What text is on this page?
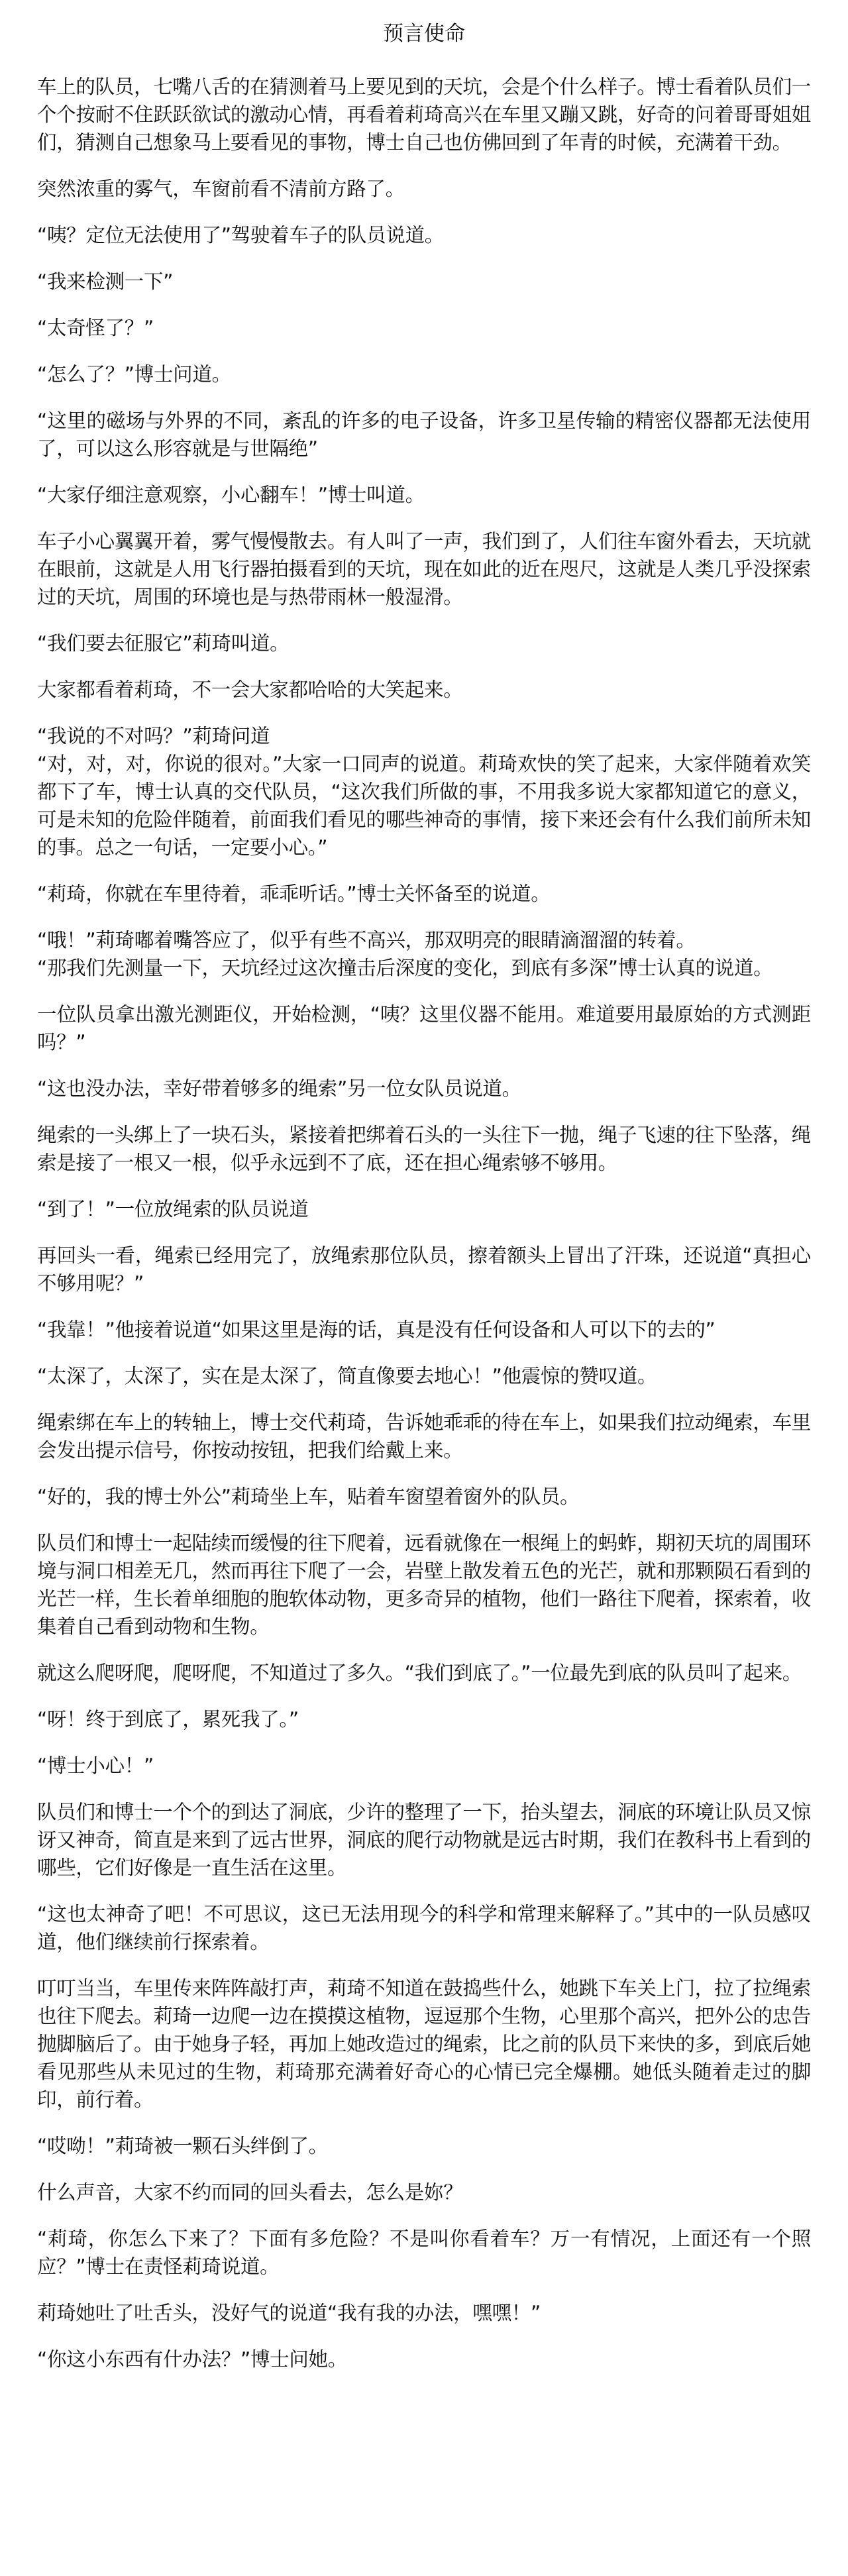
预言使命

车上的队员，七嘴八舌的在猜测着马上要见到的天坑，会是个什么样子。博士看着队员们一个个按耐不住跃跃欲试的激动心情，再看着莉琦高兴在车里又蹦又跳，好奇的问着哥哥姐姐们，猜测自己想象马上要看见的事物，博士自己也仿佛回到了年青的时候，充满着干劲。

突然浓重的雾气，车窗前看不清前方路了。

“咦？定位无法使用了”驾驶着车子的队员说道。

“我来检测一下”

“太奇怪了？”

“怎么了？”博士问道。

“这里的磁场与外界的不同，紊乱的许多的电子设备，许多卫星传输的精密仪器都无法使用了，可以这么形容就是与世隔绝”

“大家仔细注意观察，小心翻车！”博士叫道。

车子小心翼翼开着，雾气慢慢散去。有人叫了一声，我们到了，人们往车窗外看去，天坑就在眼前，这就是人用飞行器拍摄看到的天坑，现在如此的近在咫尺，这就是人类几乎没探索过的天坑，周围的环境也是与热带雨林一般湿滑。

“我们要去征服它”莉琦叫道。

大家都看着莉琦，不一会大家都哈哈的大笑起来。

“我说的不对吗？”莉琦问道

“对，对，对，你说的很对。”大家一口同声的说道。莉琦欢快的笑了起来，大家伴随着欢笑都下了车，博士认真的交代队员，“这次我们所做的事，不用我多说大家都知道它的意义，可是未知的危险伴随着，前面我们看见的哪些神奇的事情，接下来还会有什么我们前所未知的事。总之一句话，一定要小心。”

“莉琦，你就在车里待着，乖乖听话。”博士关怀备至的说道。

“哦！”莉琦嘟着嘴答应了，似乎有些不高兴，那双明亮的眼睛滴溜溜的转着。

“那我们先测量一下，天坑经过这次撞击后深度的变化，到底有多深”博士认真的说道。

一位队员拿出激光测距仪，开始检测，“咦？这里仪器不能用。难道要用最原始的方式测距吗？”

“这也没办法，幸好带着够多的绳索”另一位女队员说道。

绳索的一头绑上了一块石头，紧接着把绑着石头的一头往下一抛，绳子飞速的往下坠落，绳索是接了一根又一根，似乎永远到不了底，还在担心绳索够不够用。

“到了！”一位放绳索的队员说道

再回头一看，绳索已经用完了，放绳索那位队员，擦着额头上冒出了汗珠，还说道“真担心不够用呢？”

“我靠！”他接着说道“如果这里是海的话，真是没有任何设备和人可以下的去的”

“太深了，太深了，实在是太深了，简直像要去地心！”他震惊的赞叹道。

绳索绑在车上的转轴上，博士交代莉琦，告诉她乖乖的待在车上，如果我们拉动绳索，车里会发出提示信号，你按动按钮，把我们给戴上来。

“好的，我的博士外公”莉琦坐上车，贴着车窗望着窗外的队员。

队员们和博士一起陆续而缓慢的往下爬着，远看就像在一根绳上的蚂蚱，期初天坑的周围环境与洞口相差无几，然而再往下爬了一会，岩壁上散发着五色的光芒，就和那颗陨石看到的光芒一样，生长着单细胞的胞软体动物，更多奇异的植物，他们一路往下爬着，探索着，收集着自己看到动物和生物。

就这么爬呀爬，爬呀爬，不知道过了多久。“我们到底了。”一位最先到底的队员叫了起来。

“呀！终于到底了，累死我了。”

“博士小心！”

队员们和博士一个个的到达了洞底，少许的整理了一下，抬头望去，洞底的环境让队员又惊讶又神奇，简直是来到了远古世界，洞底的爬行动物就是远古时期，我们在教科书上看到的哪些，它们好像是一直生活在这里。

“这也太神奇了吧！不可思议，这已无法用现今的科学和常理来解释了。”其中的一队员感叹道，他们继续前行探索着。

叮叮当当，车里传来阵阵敲打声，莉琦不知道在鼓捣些什么，她跳下车关上门，拉了拉绳索也往下爬去。莉琦一边爬一边在摸摸这植物，逗逗那个生物，心里那个高兴，把外公的忠告抛脚脑后了。由于她身子轻，再加上她改造过的绳索，比之前的队员下来快的多，到底后她看见那些从未见过的生物，莉琦那充满着好奇心的心情已完全爆棚。她低头随着走过的脚印，前行着。

“哎呦！”莉琦被一颗石头绊倒了。

什么声音，大家不约而同的回头看去，怎么是妳？

“莉琦，你怎么下来了？下面有多危险？不是叫你看着车？万一有情况，上面还有一个照应？”博士在责怪莉琦说道。

莉琦她吐了吐舌头，没好气的说道“我有我的办法，嘿嘿！”

“你这小东西有什办法？”博士问她。
